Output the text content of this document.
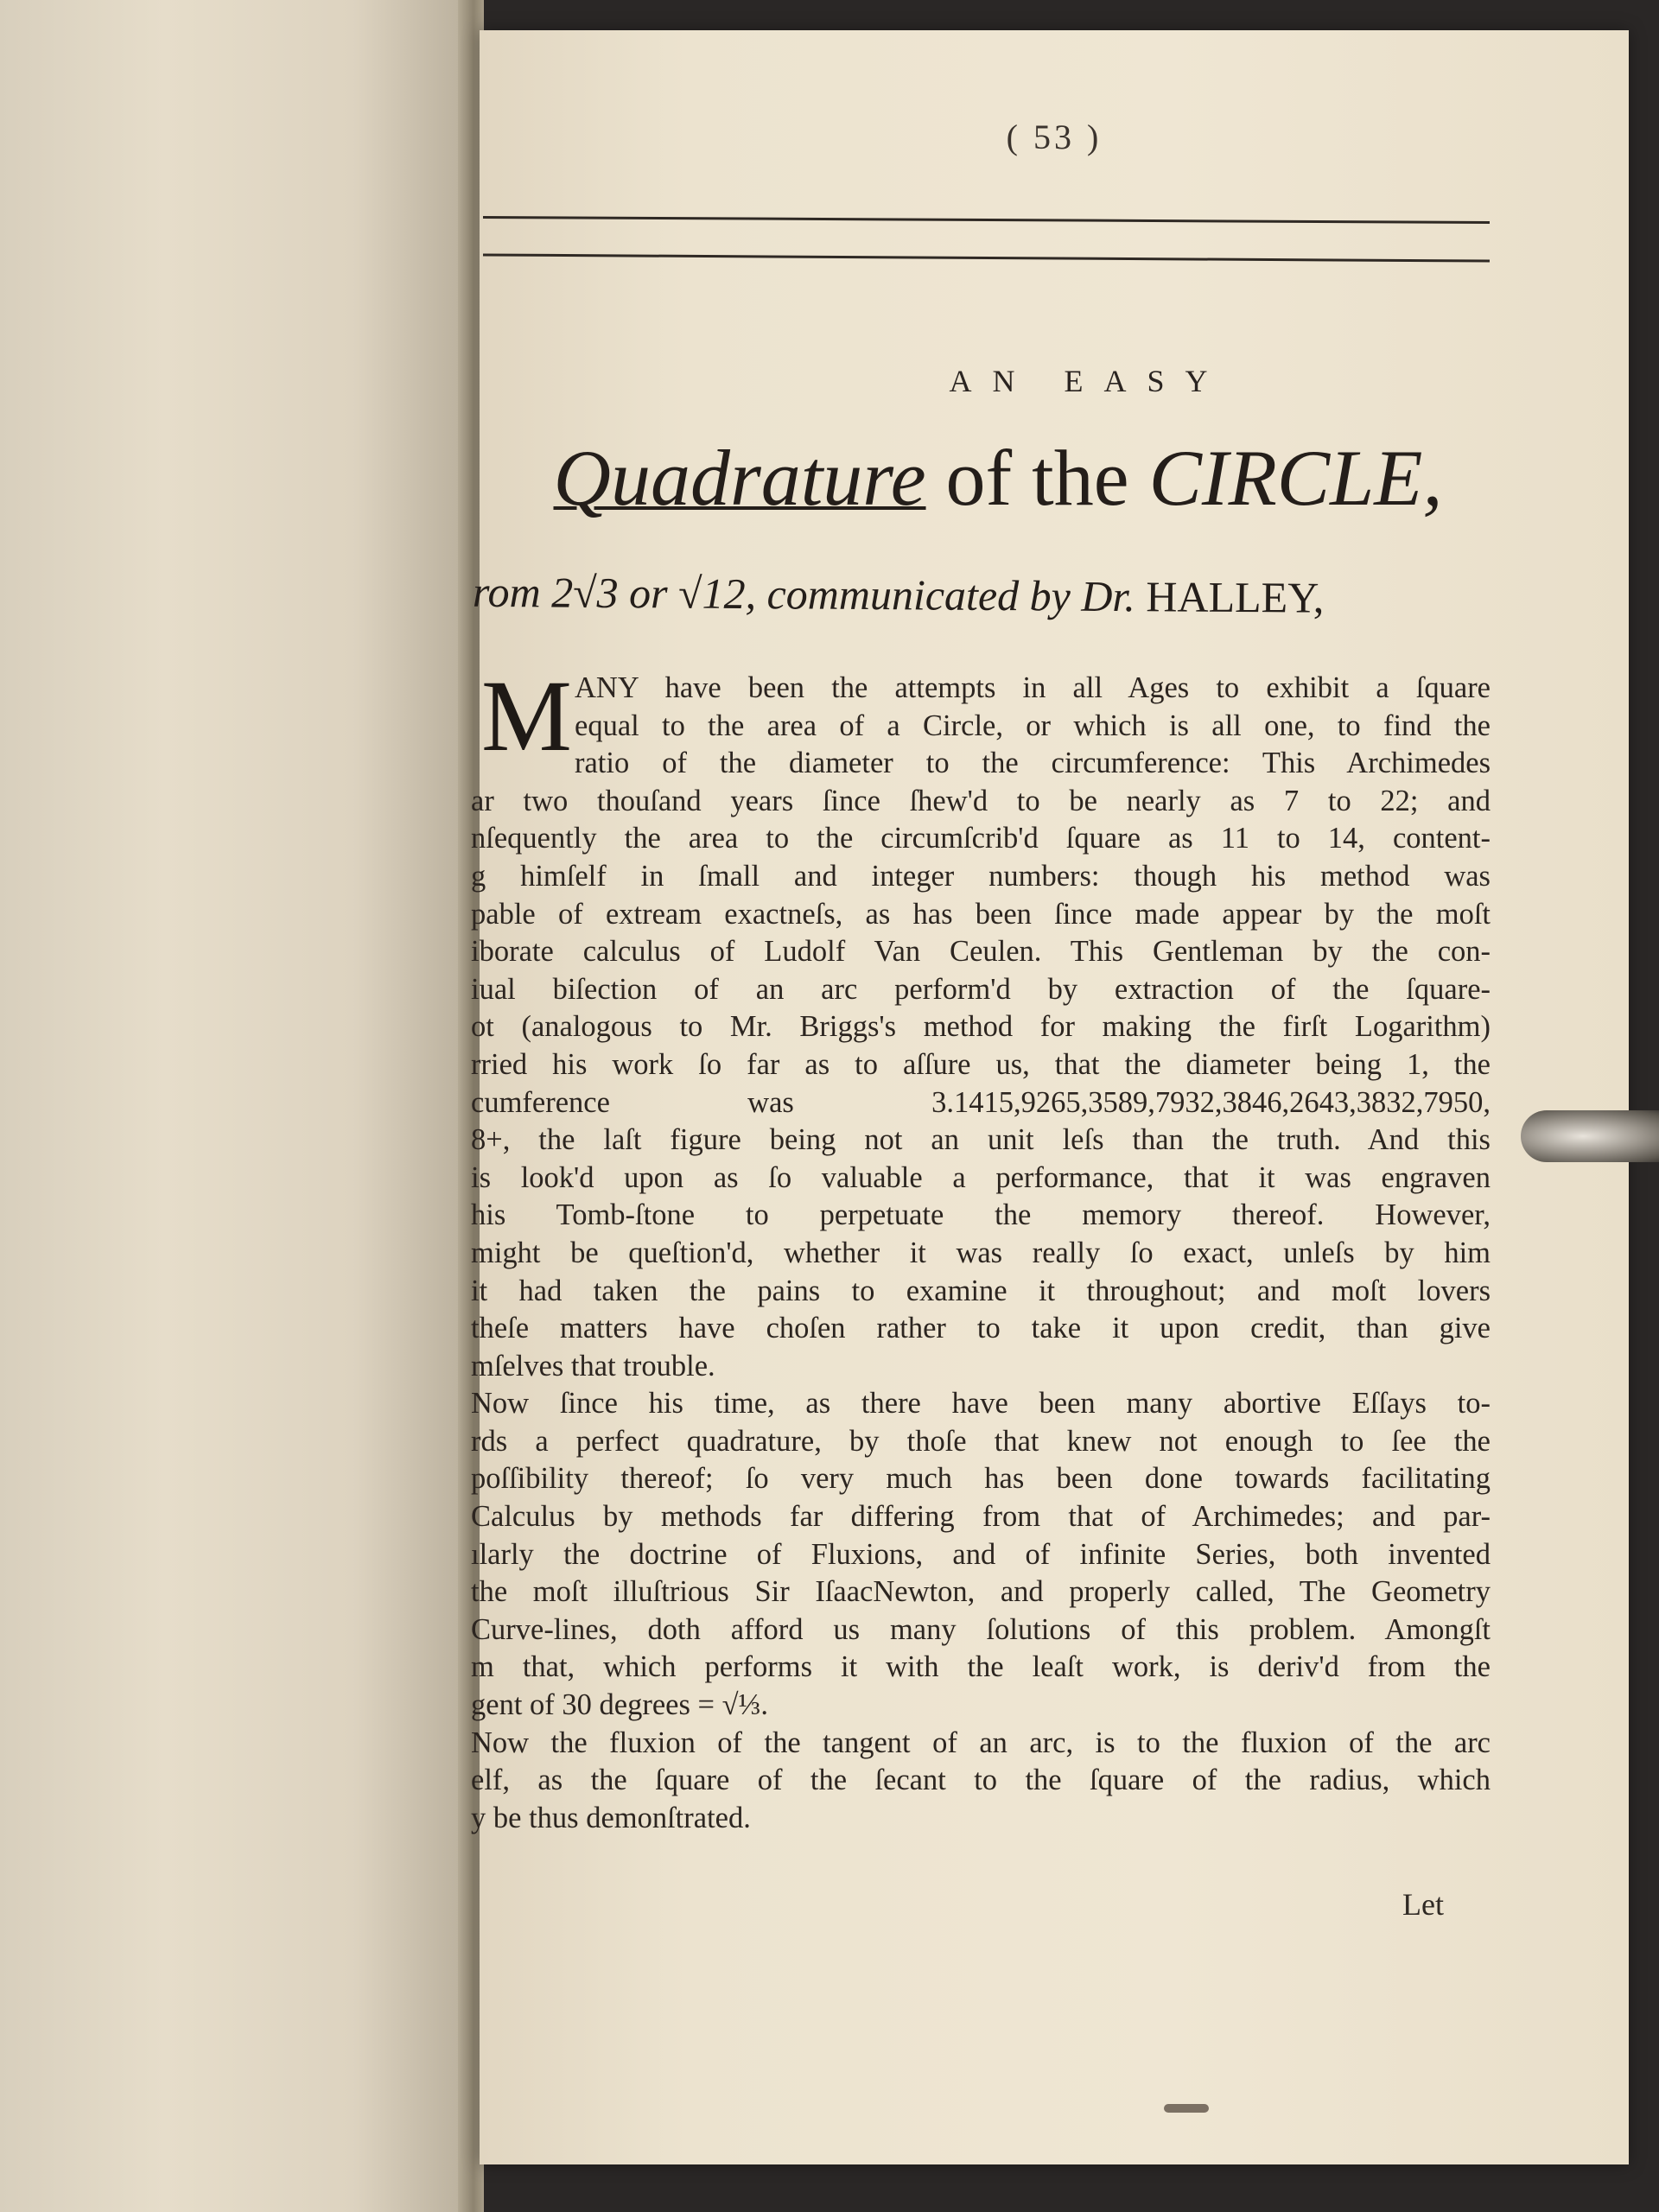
( 53 )
AN EASY
Quadrature of the CIRCLE,
rom 2√3 or √12, communicated by Dr. HALLEY,
M ANY have been the attempts in all Ages to exhibit a ſquare
equal to the area of a Circle, or which is all one, to find the
ratio of the diameter to the circumference: This Archimedes
ar two thouſand years ſince ſhew'd to be nearly as 7 to 22; and
nſequently the area to the circumſcrib'd ſquare as 11 to 14, content-
g himſelf in ſmall and integer numbers: though his method was
pable of extream exactneſs, as has been ſince made appear by the moſt
iborate calculus of Ludolf Van Ceulen. This Gentleman by the con-
iual biſection of an arc perform'd by extraction of the ſquare-
ot (analogous to Mr. Briggs's method for making the firſt Logarithm)
rried his work ſo far as to aſſure us, that the diameter being 1, the
cumference was 3.1415,9265,3589,7932,3846,2643,3832,7950,
8+, the laſt figure being not an unit leſs than the truth. And this
is look'd upon as ſo valuable a performance, that it was engraven
his Tomb-ſtone to perpetuate the memory thereof. However,
might be queſtion'd, whether it was really ſo exact, unleſs by him
it had taken the pains to examine it throughout; and moſt lovers
theſe matters have choſen rather to take it upon credit, than give
mſelves that trouble.
Now ſince his time, as there have been many abortive Eſſays to-
rds a perfect quadrature, by thoſe that knew not enough to ſee the
poſſibility thereof; ſo very much has been done towards facilitating
Calculus by methods far differing from that of Archimedes; and par-
ılarly the doctrine of Fluxions, and of infinite Series, both invented
the moſt illuſtrious Sir IſaacNewton, and properly called, The Geometry
Curve-lines, doth afford us many ſolutions of this problem. Amongſt
m that, which performs it with the leaſt work, is deriv'd from the
gent of 30 degrees = √⅓.
Now the fluxion of the tangent of an arc, is to the fluxion of the arc
elf, as the ſquare of the ſecant to the ſquare of the radius, which
y be thus demonſtrated.
Let
